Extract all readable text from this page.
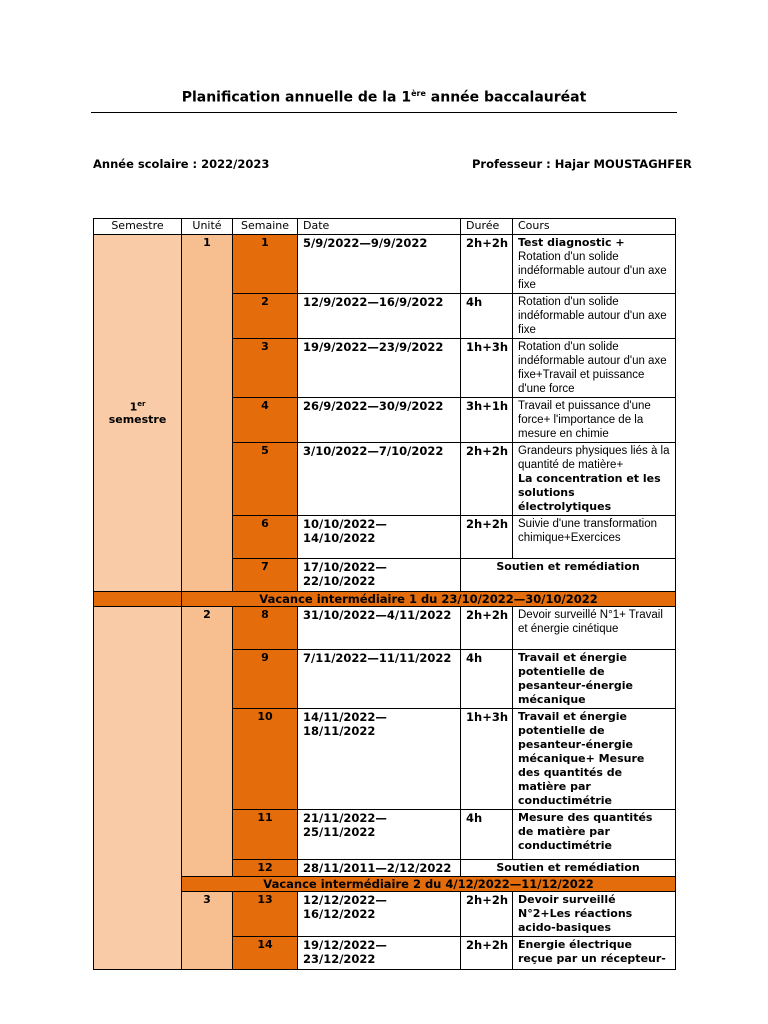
Planification annuelle de la 1ère année baccalauréat
Année scolaire : 2022/2023	Professeur : Hajar MOUSTAGHFER
Semestre	Unité	Semaine	Date	Durée	Cours
1er semestre	1	1	5/9/2022—9/9/2022	2h+2h	Test diagnostic +
Rotation d'un solide indéformable autour d'un axe fixe
		2	12/9/2022—16/9/2022	4h	Rotation d'un solide indéformable autour d'un axe fixe
		3	19/9/2022—23/9/2022	1h+3h	Rotation d'un solide indéformable autour d'un axe fixe+Travail et puissance d'une force
		4	26/9/2022—30/9/2022	3h+1h	Travail et puissance d'une force+ l'importance de la mesure en chimie
		5	3/10/2022—7/10/2022	2h+2h	Grandeurs physiques liés à la quantité de matière+
La concentration et les solutions électrolytiques
		6	10/10/2022—14/10/2022	2h+2h	Suivie d'une transformation chimique+Exercices
		7	17/10/2022—22/10/2022	Soutien et remédiation	
	Vacance intermédiaire 1 du 23/10/2022—30/10/2022				
	2	8	31/10/2022—4/11/2022	2h+2h	Devoir surveillé N°1+ Travail et énergie cinétique
		9	7/11/2022—11/11/2022	4h	Travail et énergie potentielle de pesanteur-énergie mécanique
		10	14/11/2022—18/11/2022	1h+3h	Travail et énergie potentielle de pesanteur-énergie mécanique+ Mesure des quantités de matière par conductimétrie
		11	21/11/2022—25/11/2022	4h	Mesure des quantités de matière par conductimétrie
		12	28/11/2011—2/12/2022	Soutien et remédiation	
	Vacance intermédiaire 2 du 4/12/2022—11/12/2022				
	3	13	12/12/2022—16/12/2022	2h+2h	Devoir surveillé N°2+Les réactions acido-basiques
		14	19/12/2022—23/12/2022	2h+2h	Energie électrique reçue par un récepteur-
